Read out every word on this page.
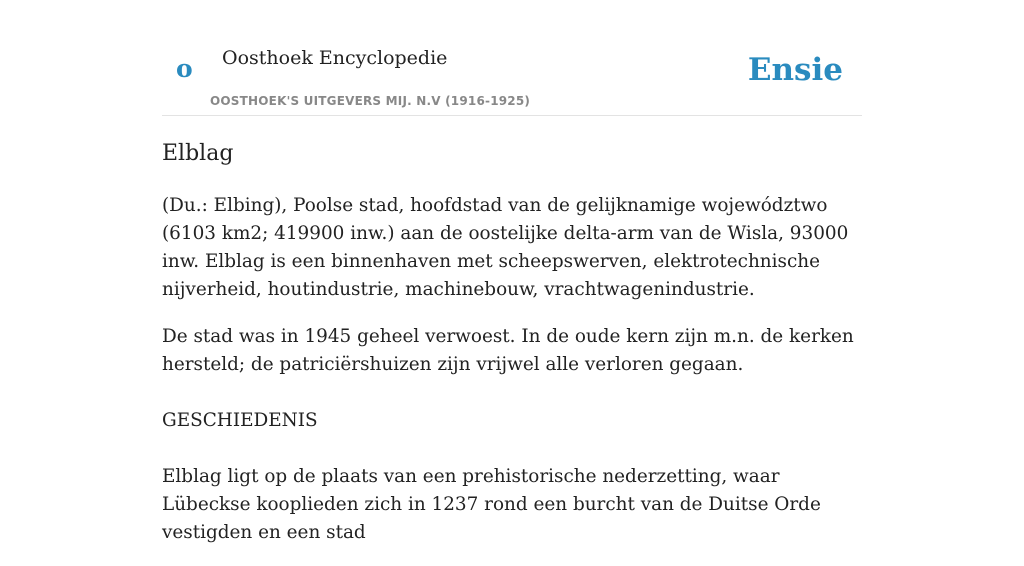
o Oosthoek Encyclopedie
OOSTHOEK'S UITGEVERS MIJ. N.V (1916-1925)
Ensie
Elblag

(Du.: Elbing), Poolse stad, hoofdstad van de gelijknamige województwo (6103 km2; 419900 inw.) aan de oostelijke delta-arm van de Wisla, 93000 inw. Elblag is een binnenhaven met scheepswerven, elektrotechnische nijverheid, houtindustrie, machinebouw, vrachtwagenindustrie.

De stad was in 1945 geheel verwoest. In de oude kern zijn m.n. de kerken hersteld; de patriciërshuizen zijn vrijwel alle verloren gegaan.

GESCHIEDENIS

Elblag ligt op de plaats van een prehistorische nederzetting, waar Lübeckse kooplieden zich in 1237 rond een burcht van de Duitse Orde vestigden en een stad
